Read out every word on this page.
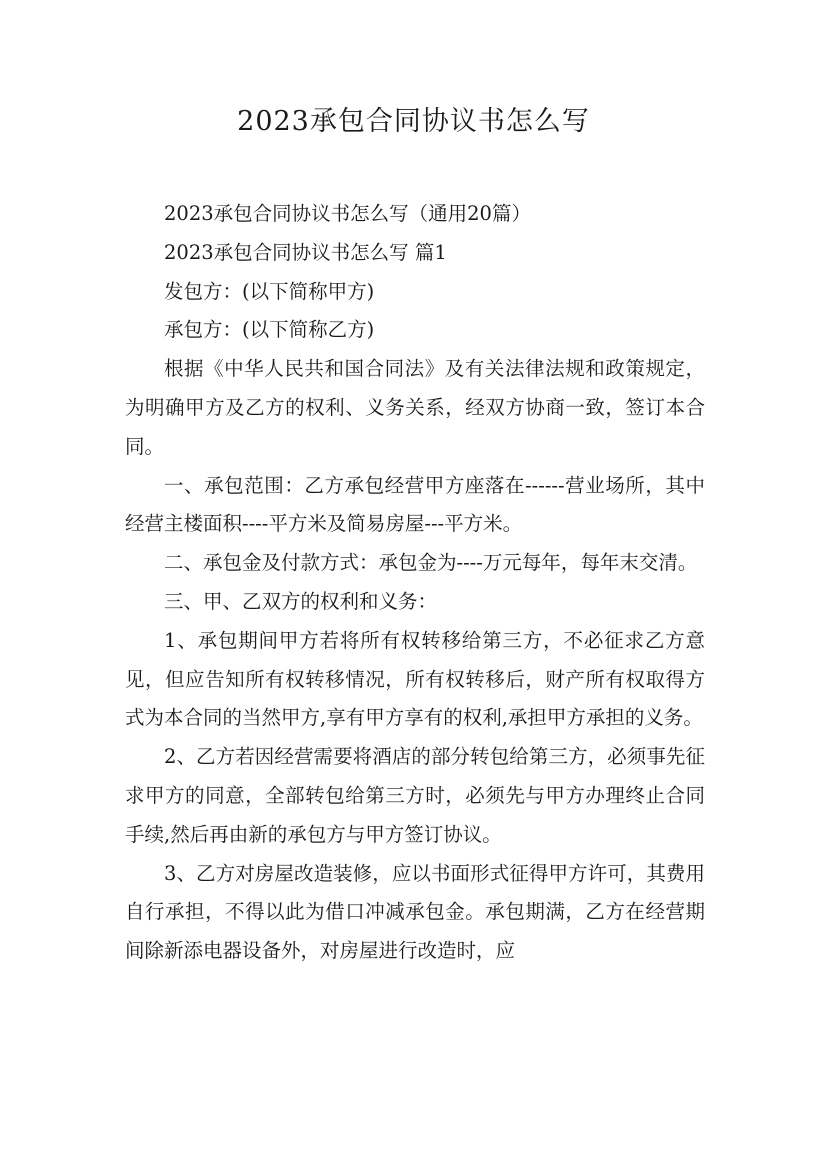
2023承包合同协议书怎么写

2023承包合同协议书怎么写（通用20篇）

2023承包合同协议书怎么写 篇1

发包方：(以下简称甲方)

承包方：(以下简称乙方)

根据《中华人民共和国合同法》及有关法律法规和政策规定，为明确甲方及乙方的权利、义务关系，经双方协商一致，签订本合同。

一、承包范围：乙方承包经营甲方座落在------营业场所，其中经营主楼面积----平方米及简易房屋---平方米。

二、承包金及付款方式：承包金为----万元每年，每年末交清。

三、甲、乙双方的权利和义务：

1、承包期间甲方若将所有权转移给第三方，不必征求乙方意见，但应告知所有权转移情况，所有权转移后，财产所有权取得方式为本合同的当然甲方,享有甲方享有的权利,承担甲方承担的义务。

2、乙方若因经营需要将酒店的部分转包给第三方，必须事先征求甲方的同意，全部转包给第三方时，必须先与甲方办理终止合同手续,然后再由新的承包方与甲方签订协议。

3、乙方对房屋改造装修，应以书面形式征得甲方许可，其费用自行承担，不得以此为借口冲减承包金。承包期满，乙方在经营期间除新添电器设备外，对房屋进行改造时，应
